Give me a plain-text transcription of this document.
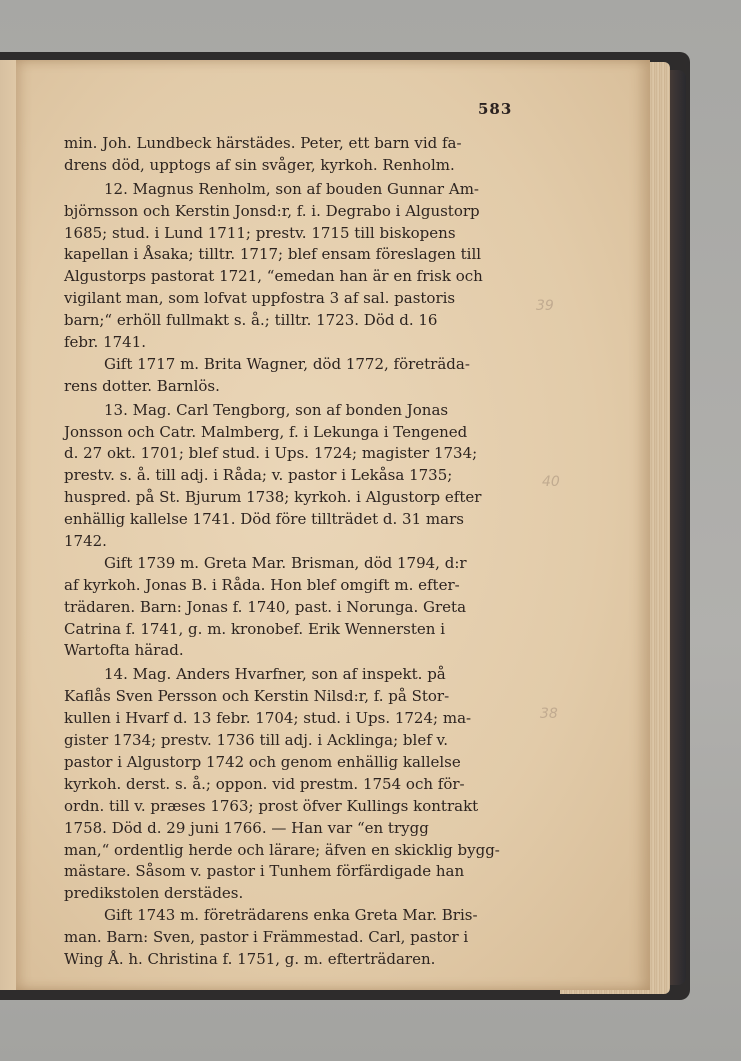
583
min. Joh. Lundbeck härstädes. Peter, ett barn vid fa-
drens död, upptogs af sin svåger, kyrkoh. Renholm.
12. Magnus Renholm, son af bouden Gunnar Am-
björnsson och Kerstin Jonsd:r, f. i. Degrabo i Algustorp
1685; stud. i Lund 1711; prestv. 1715 till biskopens
kapellan i Åsaka; tilltr. 1717; blef ensam föreslagen till
Algustorps pastorat 1721, “emedan han är en frisk och
vigilant man, som lofvat uppfostra 3 af sal. pastoris
barn;“ erhöll fullmakt s. å.; tilltr. 1723. Död d. 16
febr. 1741.
Gift 1717 m. Brita Wagner, död 1772, företräda-
rens dotter. Barnlös.
13. Mag. Carl Tengborg, son af bonden Jonas
Jonsson och Catr. Malmberg, f. i Lekunga i Tengened
d. 27 okt. 1701; blef stud. i Ups. 1724; magister 1734;
prestv. s. å. till adj. i Råda; v. pastor i Lekåsa 1735;
huspred. på St. Bjurum 1738; kyrkoh. i Algustorp efter
enhällig kallelse 1741. Död före tillträdet d. 31 mars
1742.
Gift 1739 m. Greta Mar. Brisman, död 1794, d:r
af kyrkoh. Jonas B. i Råda. Hon blef omgift m. efter-
trädaren. Barn: Jonas f. 1740, past. i Norunga. Greta
Catrina f. 1741, g. m. kronobef. Erik Wennersten i
Wartofta härad.
14. Mag. Anders Hvarfner, son af inspekt. på
Kaflås Sven Persson och Kerstin Nilsd:r, f. på Stor-
kullen i Hvarf d. 13 febr. 1704; stud. i Ups. 1724; ma-
gister 1734; prestv. 1736 till adj. i Acklinga; blef v.
pastor i Algustorp 1742 och genom enhällig kallelse
kyrkoh. derst. s. å.; oppon. vid prestm. 1754 och för-
ordn. till v. præses 1763; prost öfver Kullings kontrakt
1758. Död d. 29 juni 1766. — Han var “en trygg
man,“ ordentlig herde och lärare; äfven en skicklig bygg-
mästare. Såsom v. pastor i Tunhem förfärdigade han
predikstolen derstädes.
Gift 1743 m. företrädarens enka Greta Mar. Bris-
man. Barn: Sven, pastor i Främmestad. Carl, pastor i
Wing Å. h. Christina f. 1751, g. m. efterträdaren.
39
40
38
